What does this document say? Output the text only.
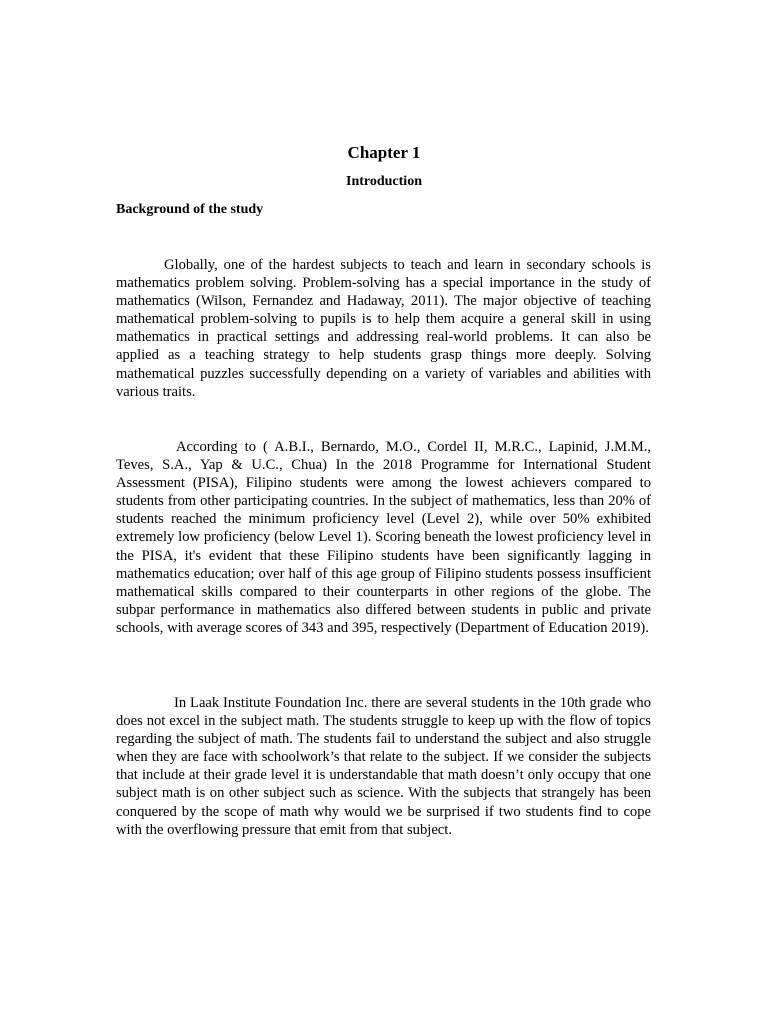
Chapter 1
Introduction
Background of the study

Globally, one of the hardest subjects to teach and learn in secondary schools is mathematics problem solving. Problem-solving has a special importance in the study of mathematics (Wilson, Fernandez and Hadaway, 2011). The major objective of teaching mathematical problem-solving to pupils is to help them acquire a general skill in using mathematics in practical settings and addressing real-world problems. It can also be applied as a teaching strategy to help students grasp things more deeply. Solving mathematical puzzles successfully depending on a variety of variables and abilities with various traits.

According to ( A.B.I., Bernardo, M.O., Cordel II, M.R.C., Lapinid, J.M.M., Teves, S.A., Yap & U.C., Chua) In the 2018 Programme for International Student Assessment (PISA), Filipino students were among the lowest achievers compared to students from other participating countries. In the subject of mathematics, less than 20% of students reached the minimum proficiency level (Level 2), while over 50% exhibited extremely low proficiency (below Level 1). Scoring beneath the lowest proficiency level in the PISA, it's evident that these Filipino students have been significantly lagging in mathematics education; over half of this age group of Filipino students possess insufficient mathematical skills compared to their counterparts in other regions of the globe. The subpar performance in mathematics also differed between students in public and private schools, with average scores of 343 and 395, respectively (Department of Education 2019).

In Laak Institute Foundation Inc. there are several students in the 10th grade who does not excel in the subject math. The students struggle to keep up with the flow of topics regarding the subject of math. The students fail to understand the subject and also struggle when they are face with schoolwork’s that relate to the subject. If we consider the subjects that include at their grade level it is understandable that math doesn’t only occupy that one subject math is on other subject such as science. With the subjects that strangely has been conquered by the scope of math why would we be surprised if two students find to cope with the overflowing pressure that emit from that subject.
